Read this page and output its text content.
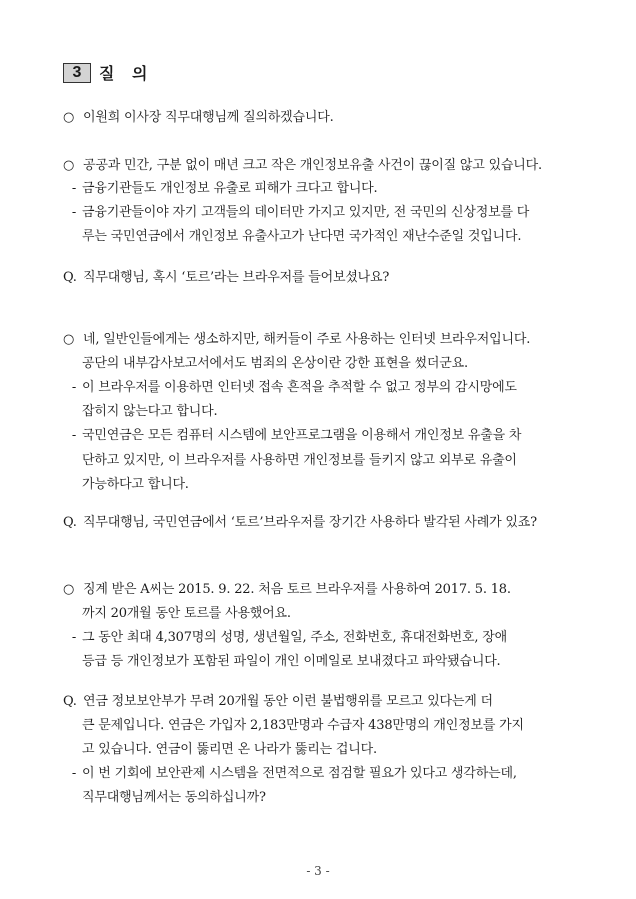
3	질 의
○ 이원희 이사장 직무대행님께 질의하겠습니다.
○ 공공과 민간, 구분 없이 매년 크고 작은 개인정보유출 사건이 끊이질 않고 있습니다.
- 금융기관들도 개인정보 유출로 피해가 크다고 합니다.
- 금융기관들이야 자기 고객들의 데이터만 가지고 있지만, 전 국민의 신상정보를 다
루는 국민연금에서 개인정보 유출사고가 난다면 국가적인 재난수준일 것입니다.
Q. 직무대행님, 혹시 ‘토르’라는 브라우저를 들어보셨나요?
○ 네, 일반인들에게는 생소하지만, 해커들이 주로 사용하는 인터넷 브라우저입니다.
공단의 내부감사보고서에서도 범죄의 온상이란 강한 표현을 썼더군요.
- 이 브라우저를 이용하면 인터넷 접속 흔적을 추적할 수 없고 정부의 감시망에도
잡히지 않는다고 합니다.
- 국민연금은 모든 컴퓨터 시스템에 보안프로그램을 이용해서 개인정보 유출을 차
단하고 있지만, 이 브라우저를 사용하면 개인정보를 들키지 않고 외부로 유출이
가능하다고 합니다.
Q. 직무대행님, 국민연금에서 ‘토르’브라우저를 장기간 사용하다 발각된 사례가 있죠?
○ 징계 받은 A씨는 2015. 9. 22. 처음 토르 브라우저를 사용하여 2017. 5. 18.
까지 20개월 동안 토르를 사용했어요.
- 그 동안 최대 4,307명의 성명, 생년월일, 주소, 전화번호, 휴대전화번호, 장애
등급 등 개인정보가 포함된 파일이 개인 이메일로 보내졌다고 파악됐습니다.
Q. 연금 정보보안부가 무려 20개월 동안 이런 불법행위를 모르고 있다는게 더
큰 문제입니다. 연금은 가입자 2,183만명과 수급자 438만명의 개인정보를 가지
고 있습니다. 연금이 뚫리면 온 나라가 뚫리는 겁니다.
- 이 번 기회에 보안관제 시스템을 전면적으로 점검할 필요가 있다고 생각하는데,
직무대행님께서는 동의하십니까?
- 3 -
